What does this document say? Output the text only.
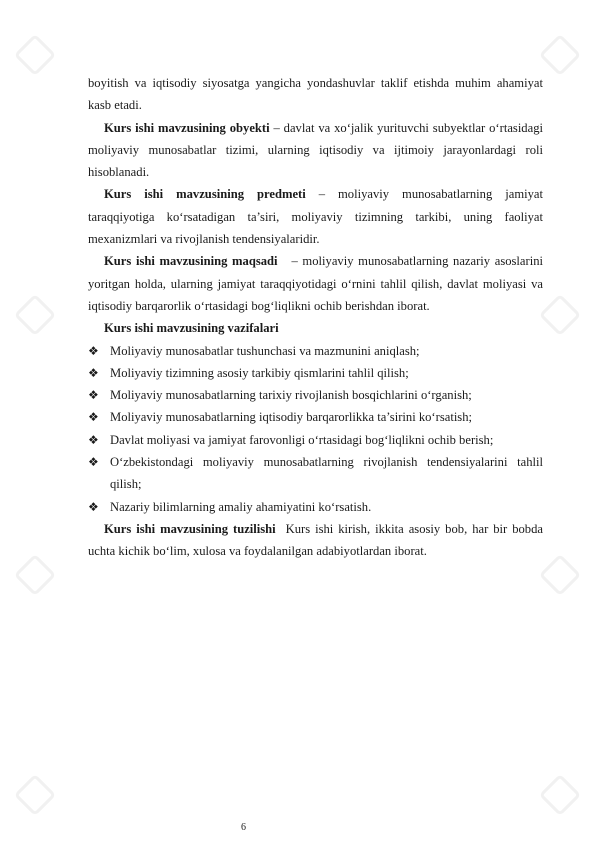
boyitish va iqtisodiy siyosatga yangicha yondashuvlar taklif etishda muhim ahamiyat kasb etadi.

Kurs ishi mavzusining obyekti – davlat va xo‘jalik yurituvchi subyektlar o‘rtasidagi moliyaviy munosabatlar tizimi, ularning iqtisodiy va ijtimoiy jarayonlardagi roli hisoblanadi.

Kurs ishi mavzusining predmeti – moliyaviy munosabatlarning jamiyat taraqqiyotiga ko‘rsatadigan ta’siri, moliyaviy tizimning tarkibi, uning faoliyat mexanizmlari va rivojlanish tendensiyalaridir.

Kurs ishi mavzusining maqsadi   – moliyaviy munosabatlarning nazariy asoslarini yoritgan holda, ularning jamiyat taraqqiyotidagi o‘rnini tahlil qilish, davlat moliyasi va iqtisodiy barqarorlik o‘rtasidagi bog‘liqlikni ochib berishdan iborat.

Kurs ishi mavzusining vazifalari

❖ Moliyaviy munosabatlar tushunchasi va mazmunini aniqlash;
❖ Moliyaviy tizimning asosiy tarkibiy qismlarini tahlil qilish;
❖ Moliyaviy munosabatlarning tarixiy rivojlanish bosqichlarini o‘rganish;
❖ Moliyaviy munosabatlarning iqtisodiy barqarorlikka ta’sirini ko‘rsatish;
❖ Davlat moliyasi va jamiyat farovonligi o‘rtasidagi bog‘liqlikni ochib berish;
❖ O‘zbekistondagi moliyaviy munosabatlarning rivojlanish tendensiyalarini tahlil qilish;
❖ Nazariy bilimlarning amaliy ahamiyatini ko‘rsatish.

Kurs ishi mavzusining tuzilishi  Kurs ishi kirish, ikkita asosiy bob, har bir bobda uchta kichik bo‘lim, xulosa va foydalanilgan adabiyotlardan iborat.

6
